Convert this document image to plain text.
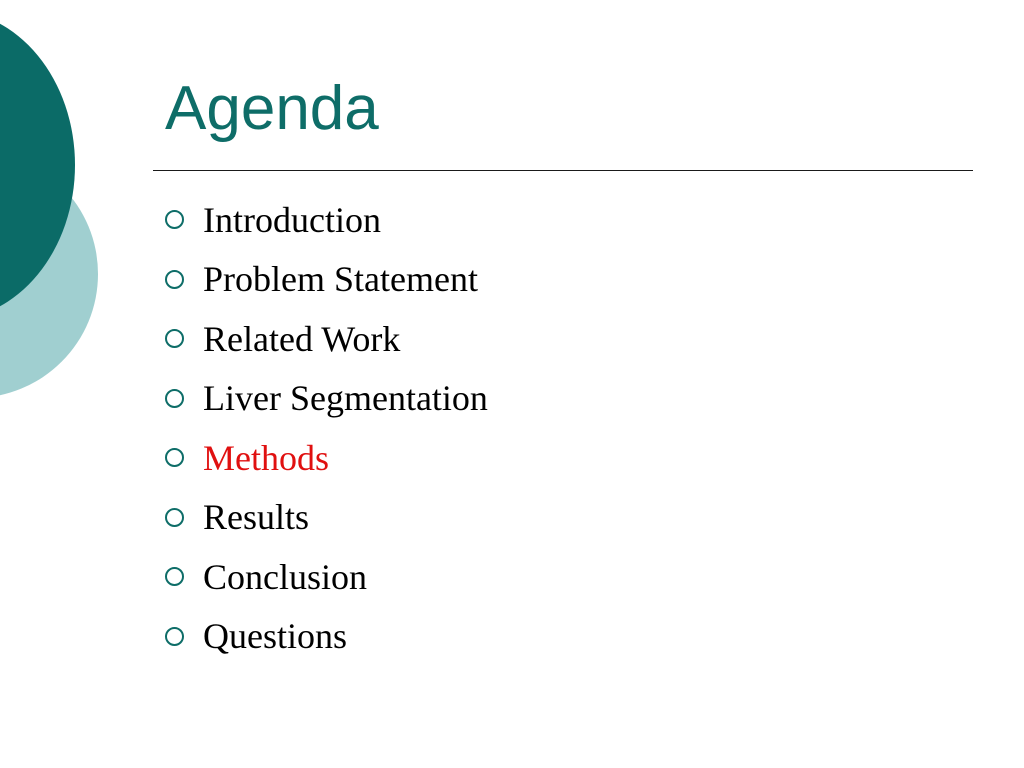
Agenda
Introduction
Problem Statement
Related Work
Liver Segmentation
Methods
Results
Conclusion
Questions
